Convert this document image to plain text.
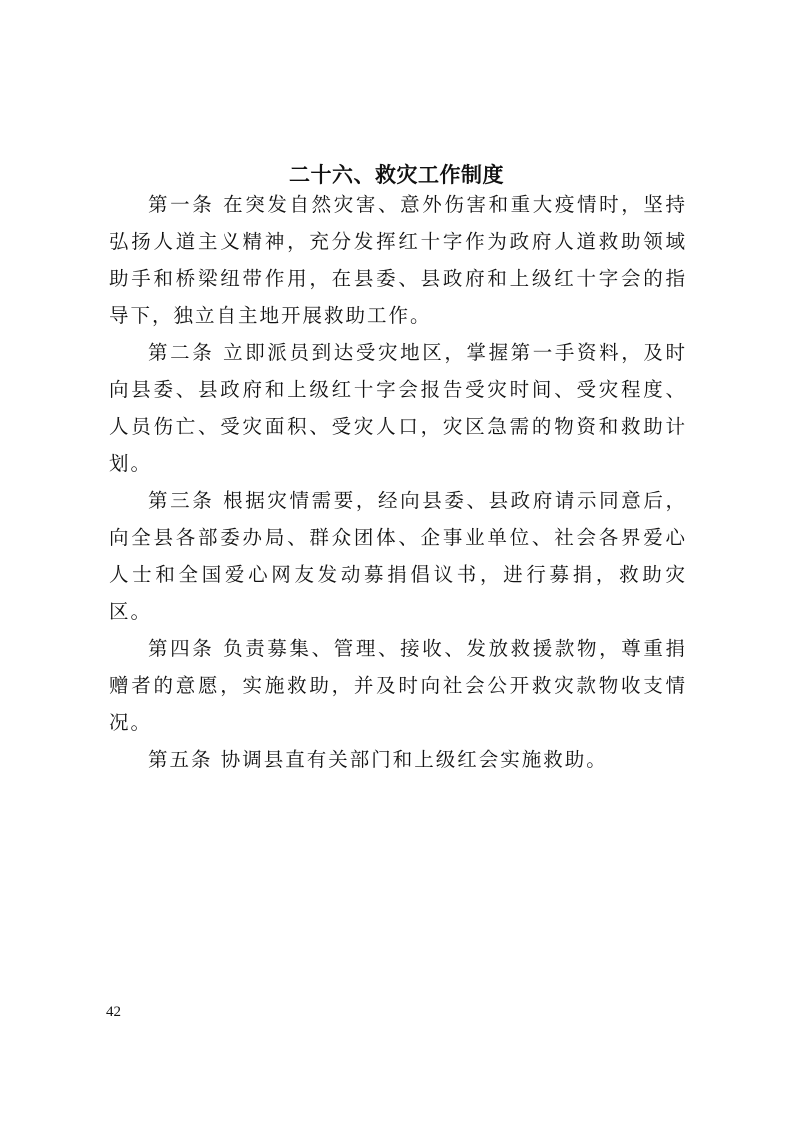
二十六、救灾工作制度

第一条 在突发自然灾害、意外伤害和重大疫情时，坚持弘扬人道主义精神，充分发挥红十字作为政府人道救助领域助手和桥梁纽带作用，在县委、县政府和上级红十字会的指导下，独立自主地开展救助工作。

第二条 立即派员到达受灾地区，掌握第一手资料，及时向县委、县政府和上级红十字会报告受灾时间、受灾程度、人员伤亡、受灾面积、受灾人口，灾区急需的物资和救助计划。

第三条 根据灾情需要，经向县委、县政府请示同意后，向全县各部委办局、群众团体、企事业单位、社会各界爱心人士和全国爱心网友发动募捐倡议书，进行募捐，救助灾区。

第四条 负责募集、管理、接收、发放救援款物，尊重捐赠者的意愿，实施救助，并及时向社会公开救灾款物收支情况。

第五条 协调县直有关部门和上级红会实施救助。

42
